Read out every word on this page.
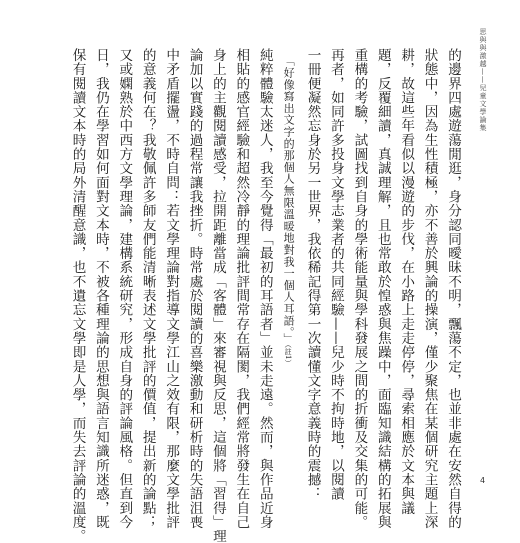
思與與激越——兒童文學論集
的邊界四處遊蕩閒逛，身分認同曖昧不明，飄蕩不定，也並非處在安然自得的
狀態中，因為生性積極，亦不善於興論的操演，僅少聚焦在某個研究主題上深
耕，故這些年看似以漫遊的步伐，在小路上走走停停，尋索相應於文本與議
題，反覆細讀，真誠理解，且也常敢於惶惑與焦躁中，面臨知識結構的拓展與
重構的考驗，試圖找到自身的學術能量與學科發展之間的折衝及交集的可能。
再者，如同許多投身文學志業者的共同經驗——兒少時不拘時地，以閱讀
一冊便凝然忘身於另一世界，我依稀記得第一次讀懂文字意義時的震撼：
「好像寫出文字的那個人無限溫暖地對我一個人耳語。」（註1）
純粹體驗太迷人，我至今覺得「最初的耳語者」並未走遠。然而，與作品近身
相貼的感官經驗和超然冷靜的理論批評間常存在隔閡，我們經常將發生在自己
身上的主觀閱讀感受，拉開距離當成「客體」來審視與反思，這個將「習得」理
論加以實踐的過程常讓我挫折。時常處於閱讀的喜樂激動和研析時的失語沮喪
中矛盾擺盪，不時自問：若文學理論對指導文學江山之效有限，那麼文學批評
的意義何在？我敬佩許多師友們能清晰表述文學批評的價值，提出新的論點；
又或嫻熟於中西方文學理論，建構系統研究，形成自身的評論風格。但直到今
日，我仍在學習如何面對文本時，不被各種理論的思想與語言知識所迷惑，既
保有閱讀文本時的局外清醒意識，也不遺忘文學即是人學，而失去評論的溫度。	4
